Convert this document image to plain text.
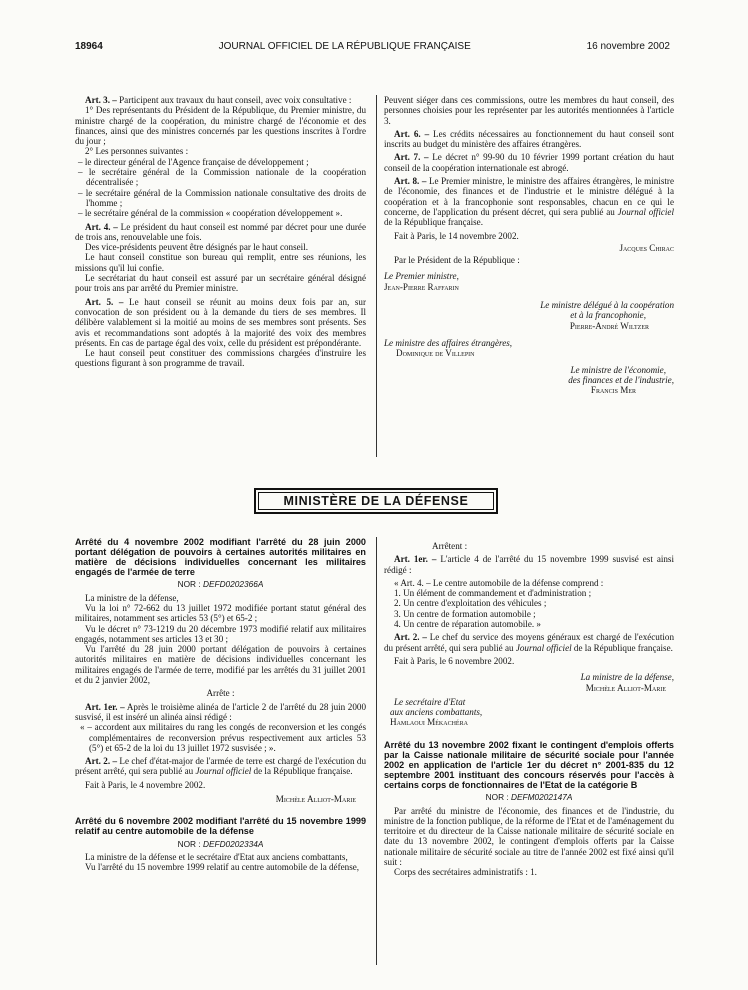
18964	JOURNAL OFFICIEL DE LA RÉPUBLIQUE FRANÇAISE	16 novembre 2002

Art. 3. – Participent aux travaux du haut conseil, avec voix consultative :

1° Des représentants du Président de la République, du Premier ministre, du ministre chargé de la coopération, du ministre chargé de l'économie et des finances, ainsi que des ministres concernés par les questions inscrites à l'ordre du jour ;

2° Les personnes suivantes :

– le directeur général de l'Agence française de développement ;

– le secrétaire général de la Commission nationale de la coopération décentralisée ;

– le secrétaire général de la Commission nationale consultative des droits de l'homme ;

– le secrétaire général de la commission « coopération développement ».

Art. 4. – Le président du haut conseil est nommé par décret pour une durée de trois ans, renouvelable une fois.

Des vice-présidents peuvent être désignés par le haut conseil.

Le haut conseil constitue son bureau qui remplit, entre ses réunions, les missions qu'il lui confie.

Le secrétariat du haut conseil est assuré par un secrétaire général désigné pour trois ans par arrêté du Premier ministre.

Art. 5. – Le haut conseil se réunit au moins deux fois par an, sur convocation de son président ou à la demande du tiers de ses membres. Il délibère valablement si la moitié au moins de ses membres sont présents. Ses avis et recommandations sont adoptés à la majorité des voix des membres présents. En cas de partage égal des voix, celle du président est prépondérante.

Le haut conseil peut constituer des commissions chargées d'instruire les questions figurant à son programme de travail.

Peuvent siéger dans ces commissions, outre les membres du haut conseil, des personnes choisies pour les représenter par les autorités mentionnées à l'article 3.

Art. 6. – Les crédits nécessaires au fonctionnement du haut conseil sont inscrits au budget du ministère des affaires étrangères.

Art. 7. – Le décret n° 99-90 du 10 février 1999 portant création du haut conseil de la coopération internationale est abrogé.

Art. 8. – Le Premier ministre, le ministre des affaires étrangères, le ministre de l'économie, des finances et de l'industrie et le ministre délégué à la coopération et à la francophonie sont responsables, chacun en ce qui le concerne, de l'application du présent décret, qui sera publié au Journal officiel de la République française.

Fait à Paris, le 14 novembre 2002.

Jacques Chirac

Par le Président de la République :

Le Premier ministre,

Jean-Pierre Raffarin

Le ministre délégué à la coopération

et à la francophonie,

Pierre-André Wiltzer

Le ministre des affaires étrangères,

Dominique de Villepin

Le ministre de l'économie,

des finances et de l'industrie,

Francis Mer

MINISTÈRE DE LA DÉFENSE
Arrêté du 4 novembre 2002 modifiant l'arrêté du 28 juin 2000 portant délégation de pouvoirs à certaines autorités militaires en matière de décisions individuelles concernant les militaires engagés de l'armée de terre
NOR : DEFD0202366A

La ministre de la défense,

Vu la loi n° 72-662 du 13 juillet 1972 modifiée portant statut général des militaires, notamment ses articles 53 (5°) et 65-2 ;

Vu le décret n° 73-1219 du 20 décembre 1973 modifié relatif aux militaires engagés, notamment ses articles 13 et 30 ;

Vu l'arrêté du 28 juin 2000 portant délégation de pouvoirs à certaines autorités militaires en matière de décisions individuelles concernant les militaires engagés de l'armée de terre, modifié par les arrêtés du 31 juillet 2001 et du 2 janvier 2002,

Arrête :

Art. 1er. – Après le troisième alinéa de l'article 2 de l'arrêté du 28 juin 2000 susvisé, il est inséré un alinéa ainsi rédigé :

« – accordent aux militaires du rang les congés de reconversion et les congés complémentaires de reconversion prévus respectivement aux articles 53 (5°) et 65-2 de la loi du 13 juillet 1972 susvisée ; ».

Art. 2. – Le chef d'état-major de l'armée de terre est chargé de l'exécution du présent arrêté, qui sera publié au Journal officiel de la République française.

Fait à Paris, le 4 novembre 2002.

Michèle Alliot-Marie

Arrêté du 6 novembre 2002 modifiant l'arrêté du 15 novembre 1999 relatif au centre automobile de la défense
NOR : DEFD0202334A

La ministre de la défense et le secrétaire d'Etat aux anciens combattants,

Vu l'arrêté du 15 novembre 1999 relatif au centre automobile de la défense,

Arrêtent :

Art. 1er. – L'article 4 de l'arrêté du 15 novembre 1999 susvisé est ainsi rédigé :

« Art. 4. – Le centre automobile de la défense comprend :

1. Un élément de commandement et d'administration ;

2. Un centre d'exploitation des véhicules ;

3. Un centre de formation automobile ;

4. Un centre de réparation automobile. »

Art. 2. – Le chef du service des moyens généraux est chargé de l'exécution du présent arrêté, qui sera publié au Journal officiel de la République française.

Fait à Paris, le 6 novembre 2002.

La ministre de la défense,

Michèle Alliot-Marie

Le secrétaire d'Etat

aux anciens combattants,

Hamlaoui Mékachéra

Arrêté du 13 novembre 2002 fixant le contingent d'emplois offerts par la Caisse nationale militaire de sécurité sociale pour l'année 2002 en application de l'article 1er du décret n° 2001-835 du 12 septembre 2001 instituant des concours réservés pour l'accès à certains corps de fonctionnaires de l'Etat de la catégorie B
NOR : DEFM0202147A

Par arrêté du ministre de l'économie, des finances et de l'industrie, du ministre de la fonction publique, de la réforme de l'Etat et de l'aménagement du territoire et du directeur de la Caisse nationale militaire de sécurité sociale en date du 13 novembre 2002, le contingent d'emplois offerts par la Caisse nationale militaire de sécurité sociale au titre de l'année 2002 est fixé ainsi qu'il suit :

Corps des secrétaires administratifs : 1.
